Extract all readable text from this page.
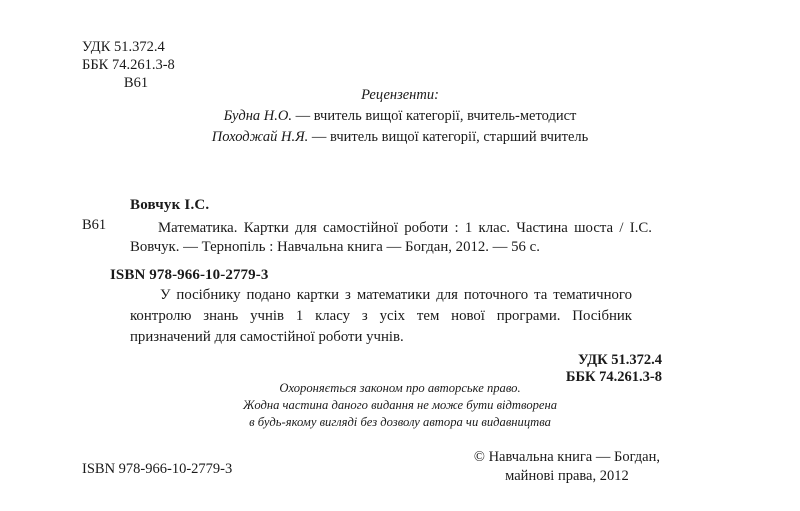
УДК 51.372.4
ББК 74.261.3-8
В61
Рецензенти:
Будна Н.О. — вчитель вищої категорії, вчитель-методист
Походжай Н.Я. — вчитель вищої категорії, старший вчитель
В61
Вовчук І.С.
Математика. Картки для самостійної роботи : 1 клас. Частина шоста / І.С. Вовчук. — Тернопіль : Навчальна книга — Богдан, 2012. — 56 с.
ISBN 978-966-10-2779-3
У посібнику подано картки з математики для поточного та тематичного контролю знань учнів 1 класу з усіх тем нової програми. Посібник призначений для самостійної роботи учнів.
УДК 51.372.4
ББК 74.261.3-8
Охороняється законом про авторське право.
Жодна частина даного видання не може бути відтворена
в будь-якому вигляді без дозволу автора чи видавництва
ISBN 978-966-10-2779-3
© Навчальна книга — Богдан,
майнові права, 2012
